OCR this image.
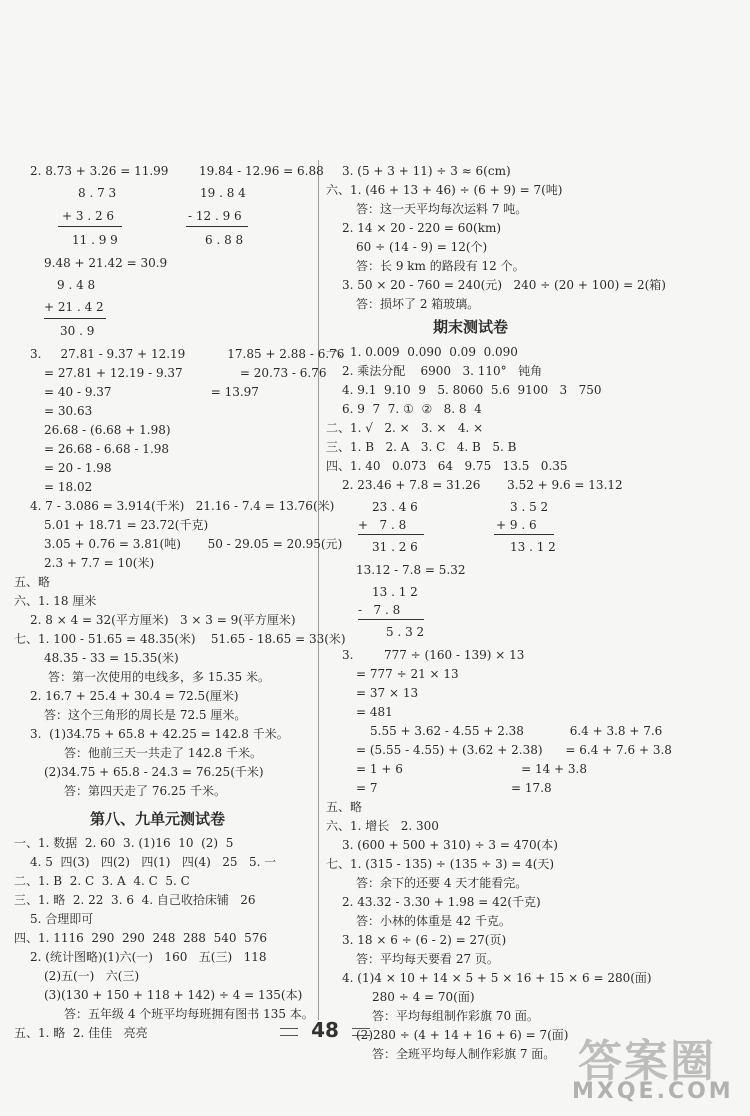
2. 8.73 + 3.26 = 11.99        19.84 - 12.96 = 6.88
8 . 7 3	19 . 8 4
+ 3 . 2 6	- 12 . 9 6
11 . 9 9	6 . 8 8
9.48 + 21.42 = 30.9
9 . 4 8
+ 21 . 4 2
30 . 9
3.     27.81 - 9.37 + 12.19           17.85 + 2.88 - 6.76
= 27.81 + 12.19 - 9.37               = 20.73 - 6.76
= 40 - 9.37                          = 13.97
= 30.63
26.68 - (6.68 + 1.98)
= 26.68 - 6.68 - 1.98
= 20 - 1.98
= 18.02
4. 7 - 3.086 = 3.914(千米)   21.16 - 7.4 = 13.76(米)
5.01 + 18.71 = 23.72(千克)
3.05 + 0.76 = 3.81(吨)       50 - 29.05 = 20.95(元)
2.3 + 7.7 = 10(米)
五、略
六、1. 18 厘米
2. 8 × 4 = 32(平方厘米)   3 × 3 = 9(平方厘米)
七、1. 100 - 51.65 = 48.35(米)    51.65 - 18.65 = 33(米)
48.35 - 33 = 15.35(米)
答：第一次使用的电线多，多 15.35 米。
2. 16.7 + 25.4 + 30.4 = 72.5(厘米)
答：这个三角形的周长是 72.5 厘米。
3.  (1)34.75 + 65.8 + 42.25 = 142.8 千米。
答：他前三天一共走了 142.8 千米。
(2)34.75 + 65.8 - 24.3 = 76.25(千米)
答：第四天走了 76.25 千米。
一、1. 数据  2. 60  3. (1)16  10  (2)  5
4. 5  四(3)   四(2)   四(1)   四(4)   25   5. 一
二、1. B  2. C  3. A  4. C  5. C
三、1. 略  2. 22  3. 6  4. 自己收拾床铺   26
5. 合理即可
四、1. 1116  290  290  248  288  540  576
2. (统计图略)(1)六(一)   160   五(三)   118
(2)五(一)   六(三)
(3)(130 + 150 + 118 + 142) ÷ 4 = 135(本)
答：五年级 4 个班平均每班拥有图书 135 本。
五、1. 略  2. 佳佳   亮亮
3. (5 + 3 + 11) ÷ 3 ≈ 6(cm)
六、1. (46 + 13 + 46) ÷ (6 + 9) = 7(吨)
答：这一天平均每次运料 7 吨。
2. 14 × 20 - 220 = 60(km)
60 ÷ (14 - 9) = 12(个)
答：长 9 km 的路段有 12 个。
3. 50 × 20 - 760 = 240(元)   240 ÷ (20 + 100) = 2(箱)
答：损坏了 2 箱玻璃。
一、1. 0.009  0.090  0.09  0.090
2. 乘法分配    6900   3. 110°   钝角
4. 9.1  9.10  9   5. 8060  5.6  9100   3   750
6. 9  7  7. ①  ②   8. 8  4
二、1. √   2. ×   3. ×   4. ×
三、1. B   2. A   3. C   4. B   5. B
四、1. 40   0.073   64   9.75   13.5   0.35
2. 23.46 + 7.8 = 31.26       3.52 + 9.6 = 13.12
23 . 4 6	3 . 5 2
+   7 . 8	+ 9 . 6
31 . 2 6	13 . 1 2
13.12 - 7.8 = 5.32
13 . 1 2
-   7 . 8
5 . 3 2
3.        777 ÷ (160 - 139) × 13
= 777 ÷ 21 × 13
= 37 × 13
= 481
5.55 + 3.62 - 4.55 + 2.38            6.4 + 3.8 + 7.6
= (5.55 - 4.55) + (3.62 + 2.38)      = 6.4 + 7.6 + 3.8
= 1 + 6                               = 14 + 3.8
= 7                                   = 17.8
五、略
六、1. 增长   2. 300
3. (600 + 500 + 310) ÷ 3 = 470(本)
七、1. (315 - 135) ÷ (135 ÷ 3) = 4(天)
答：余下的还要 4 天才能看完。
2. 43.32 - 3.30 + 1.98 = 42(千克)
答：小林的体重是 42 千克。
3. 18 × 6 ÷ (6 - 2) = 27(页)
答：平均每天要看 27 页。
4. (1)4 × 10 + 14 × 5 + 5 × 16 + 15 × 6 = 280(面)
280 ÷ 4 = 70(面)
答：平均每组制作彩旗 70 面。
(2)280 ÷ (4 + 14 + 16 + 6) = 7(面)
答：全班平均每人制作彩旗 7 面。
第八、九单元测试卷
期末测试卷
48
答案圈
MXQE.COM
